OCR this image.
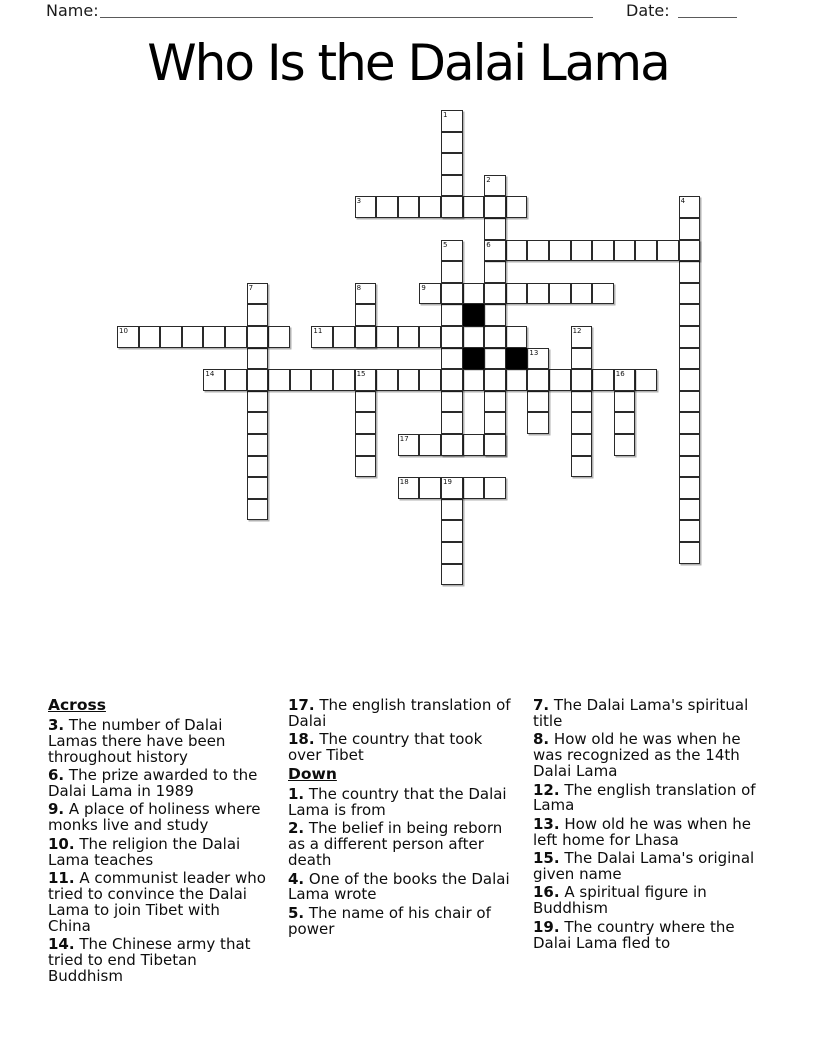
Name:	Date:
Who Is the Dalai Lama
1
2
3	4
5	6
7	8	9
10	11	12
13
14	15	16
17
18	19
Across

3. The number of Dalai Lamas there have been throughout history

6. The prize awarded to the Dalai Lama in 1989

9. A place of holiness where monks live and study

10. The religion the Dalai Lama teaches

11. A communist leader who tried to convince the Dalai Lama to join Tibet with China

14. The Chinese army that tried to end Tibetan Buddhism

17. The english translation of Dalai

18. The country that took over Tibet

Down

1. The country that the Dalai Lama is from

2. The belief in being reborn as a different person after death

4. One of the books the Dalai Lama wrote

5. The name of his chair of power

7. The Dalai Lama's spiritual title

8. How old he was when he was recognized as the 14th Dalai Lama

12. The english translation of Lama

13. How old he was when he left home for Lhasa

15. The Dalai Lama's original given name

16. A spiritual figure in Buddhism

19. The country where the Dalai Lama fled to
